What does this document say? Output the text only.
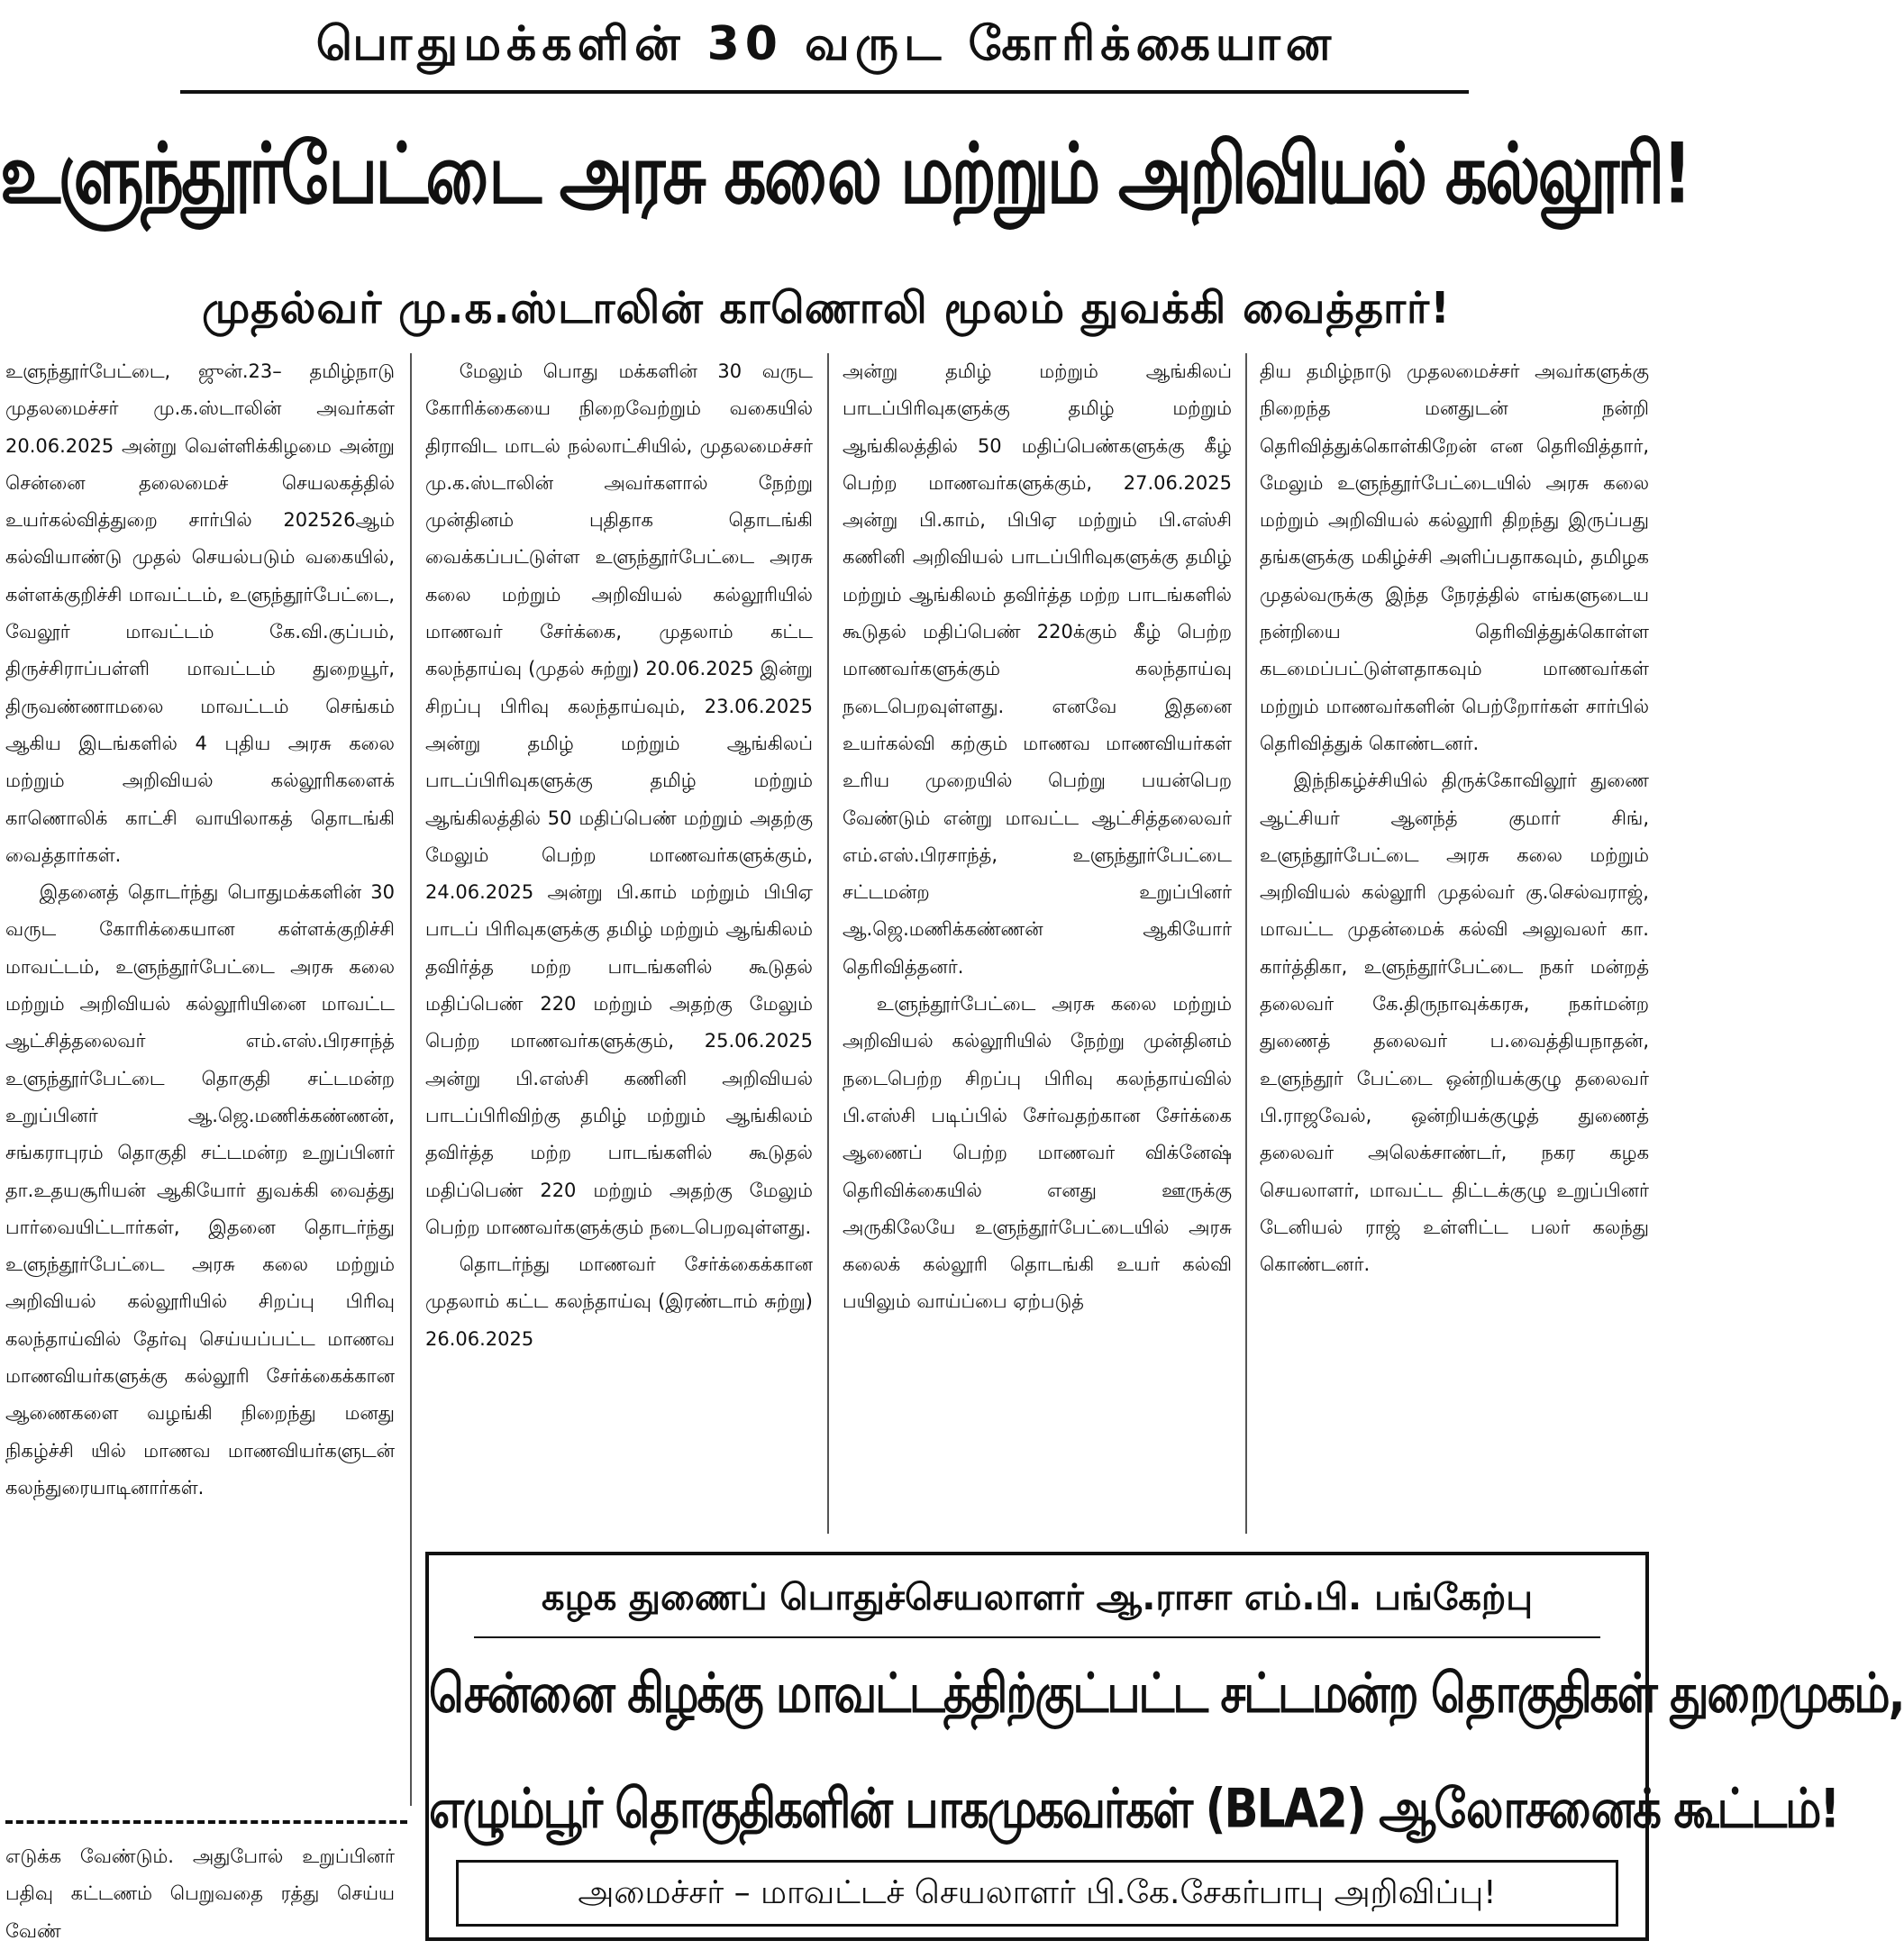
பொதுமக்களின் 30 வருட கோரிக்கையான
உளுந்தூர்பேட்டை அரசு கலை மற்றும் அறிவியல் கல்லூரி!
முதல்வர் மு.க.ஸ்டாலின் காணொலி மூலம் துவக்கி வைத்தார்!

உளுந்தூர்பேட்டை, ஜுன்.23– தமிழ்நாடு முதலமைச்சர் மு.க.ஸ்டாலின் அவர்கள் 20.06.2025 அன்று வெள்ளிக்கிழமை அன்று சென்னை தலைமைச் செயலகத்தில் உயர்கல்வித்துறை சார்பில் 202526ஆம் கல்வியாண்டு முதல் செயல்படும் வகையில், கள்ளக்குறிச்சி மாவட்டம், உளுந்தூர்பேட்டை, வேலூர் மாவட்டம் கே.வி.குப்பம், திருச்சிராப்பள்ளி மாவட்டம் துறையூர், திருவண்ணாமலை மாவட்டம் செங்கம் ஆகிய இடங்களில் 4 புதிய அரசு கலை மற்றும் அறிவியல் கல்லூரிகளைக் காணொலிக் காட்சி வாயிலாகத் தொடங்கி வைத்தார்கள்.

இதனைத் தொடர்ந்து பொதுமக்களின் 30 வருட கோரிக்கையான கள்ளக்குறிச்சி மாவட்டம், உளுந்தூர்பேட்டை அரசு கலை மற்றும் அறிவியல் கல்லூரியினை மாவட்ட ஆட்சித்தலைவர் எம்.எஸ்.பிரசாந்த் உளுந்தூர்பேட்டை தொகுதி சட்டமன்ற உறுப்பினர் ஆ.ஜெ.மணிக்கண்ணன், சங்கராபுரம் தொகுதி சட்டமன்ற உறுப்பினர் தா.உதயசூரியன் ஆகியோர் துவக்கி வைத்து பார்வையிட்டார்கள், இதனை தொடர்ந்து உளுந்தூர்பேட்டை அரசு கலை மற்றும் அறிவியல் கல்லூரியில் சிறப்பு பிரிவு கலந்தாய்வில் தேர்வு செய்யப்பட்ட மாணவ மாணவியர்களுக்கு கல்லூரி சேர்க்கைக்கான ஆணைகளை வழங்கி நிறைந்து மனது நிகழ்ச்சி யில் மாணவ மாணவியர்களுடன் கலந்துரையாடினார்கள்.

மேலும் பொது மக்களின் 30 வருட கோரிக்கையை நிறைவேற்றும் வகையில் திராவிட மாடல் நல்லாட்சியில், முதலமைச்சர் மு.க.ஸ்டாலின் அவர்களால் நேற்று முன்தினம் புதிதாக தொடங்கி வைக்கப்பட்டுள்ள உளுந்தூர்பேட்டை அரசு கலை மற்றும் அறிவியல் கல்லூரியில் மாணவர் சேர்க்கை, முதலாம் கட்ட கலந்தாய்வு (முதல் சுற்று) 20.06.2025 இன்று சிறப்பு பிரிவு கலந்தாய்வும், 23.06.2025 அன்று தமிழ் மற்றும் ஆங்கிலப் பாடப்பிரிவுகளுக்கு தமிழ் மற்றும் ஆங்கிலத்தில் 50 மதிப்பெண் மற்றும் அதற்கு மேலும் பெற்ற மாணவர்களுக்கும், 24.06.2025 அன்று பி.காம் மற்றும் பிபிஏ பாடப் பிரிவுகளுக்கு தமிழ் மற்றும் ஆங்கிலம் தவிர்த்த மற்ற பாடங்களில் கூடுதல் மதிப்பெண் 220 மற்றும் அதற்கு மேலும் பெற்ற மாணவர்களுக்கும், 25.06.2025 அன்று பி.எஸ்சி கணினி அறிவியல் பாடப்பிரிவிற்கு தமிழ் மற்றும் ஆங்கிலம் தவிர்த்த மற்ற பாடங்களில் கூடுதல் மதிப்பெண் 220 மற்றும் அதற்கு மேலும் பெற்ற மாணவர்களுக்கும் நடைபெறவுள்ளது.

தொடர்ந்து மாணவர் சேர்க்கைக்கான முதலாம் கட்ட கலந்தாய்வு (இரண்டாம் சுற்று) 26.06.2025

அன்று தமிழ் மற்றும் ஆங்கிலப் பாடப்பிரிவுகளுக்கு தமிழ் மற்றும் ஆங்கிலத்தில் 50 மதிப்பெண்களுக்கு கீழ் பெற்ற மாணவர்களுக்கும், 27.06.2025 அன்று பி.காம், பிபிஏ மற்றும் பி.எஸ்சி கணினி அறிவியல் பாடப்பிரிவுகளுக்கு தமிழ் மற்றும் ஆங்கிலம் தவிர்த்த மற்ற பாடங்களில் கூடுதல் மதிப்பெண் 220க்கும் கீழ் பெற்ற மாணவர்களுக்கும் கலந்தாய்வு நடைபெறவுள்ளது. எனவே இதனை உயர்கல்வி கற்கும் மாணவ மாணவியர்கள் உரிய முறையில் பெற்று பயன்பெற வேண்டும் என்று மாவட்ட ஆட்சித்தலைவர் எம்.எஸ்.பிரசாந்த், உளுந்தூர்பேட்டை சட்டமன்ற உறுப்பினர் ஆ.ஜெ.மணிக்கண்ணன் ஆகியோர் தெரிவித்தனர்.

உளுந்தூர்பேட்டை அரசு கலை மற்றும் அறிவியல் கல்லூரியில் நேற்று முன்தினம் நடைபெற்ற சிறப்பு பிரிவு கலந்தாய்வில் பி.எஸ்சி படிப்பில் சேர்வதற்கான சேர்க்கை ஆணைப் பெற்ற மாணவர் விக்னேஷ் தெரிவிக்கையில் எனது ஊருக்கு அருகிலேயே உளுந்தூர்பேட்டையில் அரசு கலைக் கல்லூரி தொடங்கி உயர் கல்வி பயிலும் வாய்ப்பை ஏற்படுத்

திய தமிழ்நாடு முதலமைச்சர் அவர்களுக்கு நிறைந்த மனதுடன் நன்றி தெரிவித்துக்கொள்கிறேன் என தெரிவித்தார், மேலும் உளுந்தூர்பேட்டையில் அரசு கலை மற்றும் அறிவியல் கல்லூரி திறந்து இருப்பது தங்களுக்கு மகிழ்ச்சி அளிப்பதாகவும், தமிழக முதல்வருக்கு இந்த நேரத்தில் எங்களுடைய நன்றியை தெரிவித்துக்கொள்ள கடமைப்பட்டுள்ளதாகவும் மாணவர்கள் மற்றும் மாணவர்களின் பெற்றோர்கள் சார்பில் தெரிவித்துக் கொண்டனர்.

இந்நிகழ்ச்சியில் திருக்கோவிலூர் துணை ஆட்சியர் ஆனந்த் குமார் சிங், உளுந்தூர்பேட்டை அரசு கலை மற்றும் அறிவியல் கல்லூரி முதல்வர் கு.செல்வராஜ், மாவட்ட முதன்மைக் கல்வி அலுவலர் கா. கார்த்திகா, உளுந்தூர்பேட்டை நகர் மன்றத் தலைவர் கே.திருநாவுக்கரசு, நகர்மன்ற துணைத் தலைவர் ப.வைத்தியநாதன், உளுந்தூர் பேட்டை ஒன்றியக்குழு தலைவர் பி.ராஜவேல், ஒன்றியக்குழுத் துணைத் தலைவர் அலெக்சாண்டர், நகர கழக செயலாளர், மாவட்ட திட்டக்குழு உறுப்பினர் டேனியல் ராஜ் உள்ளிட்ட பலர் கலந்து கொண்டனர்.

எடுக்க வேண்டும். அதுபோல் உறுப்பினர் பதிவு கட்டணம் பெறுவதை ரத்து செய்ய வேண்

கழக துணைப் பொதுச்செயலாளர் ஆ.ராசா எம்.பி. பங்கேற்பு
சென்னை கிழக்கு மாவட்டத்திற்குட்பட்ட சட்டமன்ற தொகுதிகள் துறைமுகம்,
எழும்பூர் தொகுதிகளின் பாகமுகவர்கள் (BLA2) ஆலோசனைக் கூட்டம்!
அமைச்சர் – மாவட்டச் செயலாளர் பி.கே.சேகர்பாபு அறிவிப்பு!
